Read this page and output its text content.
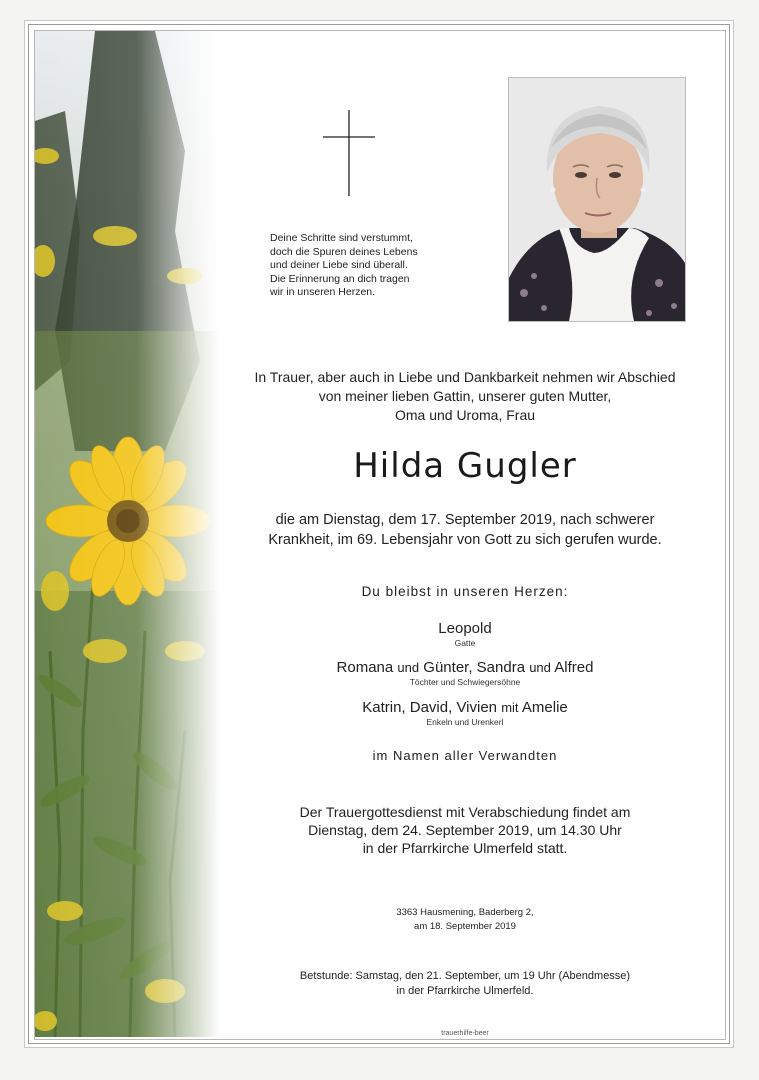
Deine Schritte sind verstummt,
doch die Spuren deines Lebens
und deiner Liebe sind überall.
Die Erinnerung an dich tragen
wir in unseren Herzen.
In Trauer, aber auch in Liebe und Dankbarkeit nehmen wir Abschied
von meiner lieben Gattin, unserer guten Mutter,
Oma und Uroma, Frau
Hilda Gugler
die am Dienstag, dem 17. September 2019, nach schwerer
Krankheit, im 69. Lebensjahr von Gott zu sich gerufen wurde.
Du bleibst in unseren Herzen:
Leopold
Gatte
Romana und Günter, Sandra und Alfred
Töchter und Schwiegersöhne
Katrin, David, Vivien mit Amelie
Enkeln und Urenkerl
im Namen aller Verwandten
Der Trauergottesdienst mit Verabschiedung findet am
Dienstag, dem 24. September 2019, um 14.30 Uhr
in der Pfarrkirche Ulmerfeld statt.
3363 Hausmening, Baderberg 2,
am 18. September 2019
Betstunde: Samstag, den 21. September, um 19 Uhr (Abendmesse)
in der Pfarrkirche Ulmerfeld.
trauerhilfe-beer
